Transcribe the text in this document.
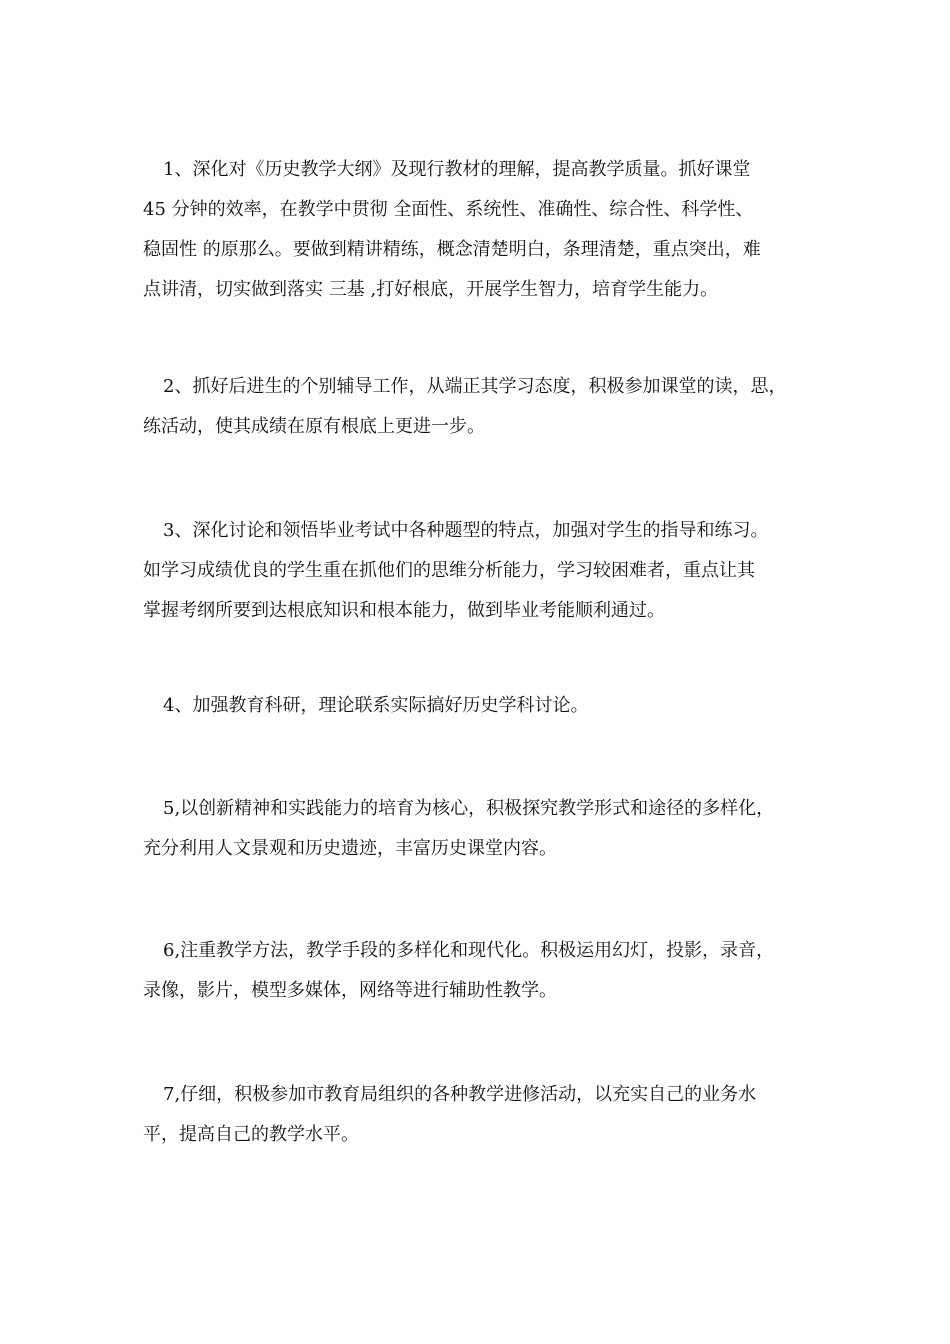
1、深化对《历史教学大纲》及现行教材的理解，提高教学质量。抓好课堂
45 分钟的效率，在教学中贯彻 全面性、系统性、准确性、综合性、科学性、
稳固性 的原那么。要做到精讲精练，概念清楚明白，条理清楚，重点突出，难
点讲清，切实做到落实 三基 ,打好根底，开展学生智力，培育学生能力。
2、抓好后进生的个别辅导工作，从端正其学习态度，积极参加课堂的读，思，
练活动，使其成绩在原有根底上更进一步。
3、深化讨论和领悟毕业考试中各种题型的特点，加强对学生的指导和练习。
如学习成绩优良的学生重在抓他们的思维分析能力，学习较困难者，重点让其
掌握考纲所要到达根底知识和根本能力，做到毕业考能顺利通过。
4、加强教育科研，理论联系实际搞好历史学科讨论。
5,以创新精神和实践能力的培育为核心，积极探究教学形式和途径的多样化，
充分利用人文景观和历史遗迹，丰富历史课堂内容。
6,注重教学方法，教学手段的多样化和现代化。积极运用幻灯，投影，录音，
录像，影片，模型多媒体，网络等进行辅助性教学。
7,仔细，积极参加市教育局组织的各种教学进修活动，以充实自己的业务水
平，提高自己的教学水平。
